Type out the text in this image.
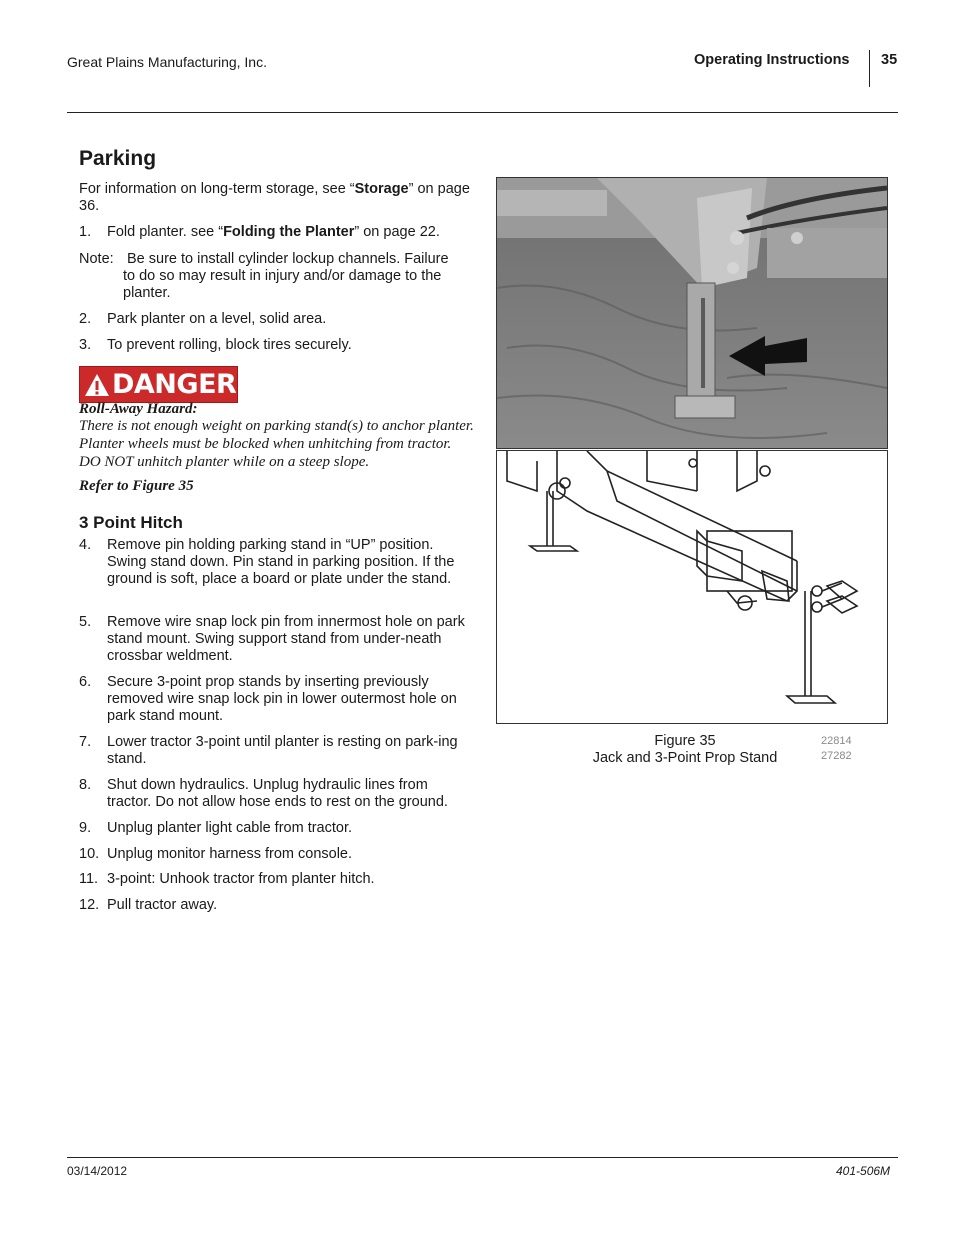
Great Plains Manufacturing, Inc.	Operating Instructions 35
Parking
For information on long-term storage, see “Storage” on page 36.
1. Fold planter. see “Folding the Planter” on page 22.
Note: Be sure to install cylinder lockup channels. Failure
to do so may result in injury and/or damage to the planter.
2. Park planter on a level, solid area.
3. To prevent rolling, block tires securely.
DANGER
Roll-Away Hazard:
There is not enough weight on parking stand(s) to anchor planter. Planter wheels must be blocked when unhitching from tractor. DO NOT unhitch planter while on a steep slope.
Refer to Figure 35
3 Point Hitch
4. Remove pin holding parking stand in “UP” position. Swing stand down. Pin stand in parking position. If the ground is soft, place a board or plate under the stand.
5. Remove wire snap lock pin from innermost hole on park stand mount. Swing support stand from under-neath crossbar weldment.
6. Secure 3-point prop stands by inserting previously removed wire snap lock pin in lower outermost hole on park stand mount.
7. Lower tractor 3-point until planter is resting on park-ing stand.
8. Shut down hydraulics. Unplug hydraulic lines from tractor. Do not allow hose ends to rest on the ground.
9. Unplug planter light cable from tractor.
10. Unplug monitor harness from console.
11. 3-point: Unhook tractor from planter hitch.
12. Pull tractor away.
Figure 35
Jack and 3-Point Prop Stand
22814
27282
03/14/2012	401-506M
